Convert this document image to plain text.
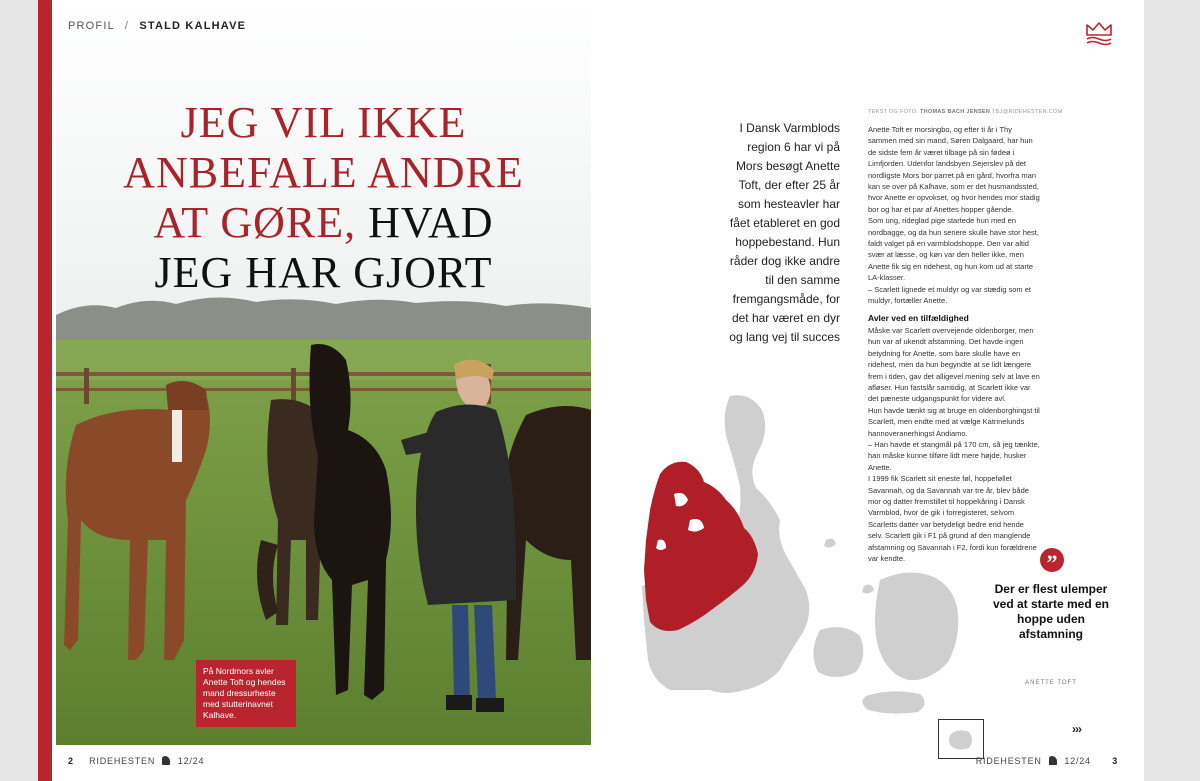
JEG VIL IKKE
ANBEFALE ANDRE
AT GØRE, HVAD
JEG HAR GJORT
PROFIL / STALD KALHAVE
På Nordmors avler Anette Toft og hendes mand dressurheste med stutterinavnet Kalhave.
I Dansk Varmblods region 6 har vi på Mors besøgt Anette Toft, der efter 25 år som hesteavler har fået etableret en god hoppebestand. Hun råder dog ikke andre til den samme fremgangsmåde, for det har været en dyr og lang vej til succes
TEKST OG FOTO: THOMAS BACH JENSEN TBJ@RIDEHESTEN.COM

Anette Toft er morsingbo, og efter ti år i Thy sammen med sin mand, Søren Dalgaard, har hun de sidste fem år været tilbage på sin fødeø i Limfjorden. Udenfor landsbyen Sejerslev på det nordligste Mors bor parret på en gård, hvorfra man kan se over på Kalhave, som er det husmandssted, hvor Anette er opvokset, og hvor hendes mor stadig bor og har et par af Anettes hopper gående.

Som ung, rideglad pige startede hun med en nordbagge, og da hun senere skulle have stor hest, faldt valget på en varmblodshoppe. Den var altid svær at læsse, og køn var den heller ikke, men Anette fik sig en ridehest, og hun kom ud at starte LA-klasser.

– Scarlett lignede et muldyr og var stædig som et muldyr, fortæller Anette.

Avler ved en tilfældighed

Måske var Scarlett overvejende oldenborger, men hun var af ukendt afstamning. Det havde ingen betydning for Anette, som bare skulle have en ridehest, men da hun begyndte at se lidt længere frem i tiden, gav det alligevel mening selv at lave en afløser. Hun fastslår samtidig, at Scarlett ikke var det pæneste udgangspunkt for videre avl.

Hun havde tænkt sig at bruge en oldenborghingst til Scarlett, men endte med at vælge Katrinelunds hannoveranerhingst Andiamo.

– Han havde et stangmål på 170 cm, så jeg tænkte, han måske kunne tilføre lidt mere højde, husker Anette.

I 1999 fik Scarlett sit eneste føl, hoppeføllet Savannah, og da Savannah var tre år, blev både mor og datter fremstillet til hoppekåring i Dansk Varmblod, hvor de gik i forregisteret, selvom Scarletts datter var betydeligt bedre end hende selv. Scarlett gik i F1 på grund af den manglende afstamning og Savannah i F2, fordi kun forældrene var kendte.	”
Der er flest ulemper ved at starte med en hoppe uden afstamning
ANETTE TOFT
›››
2 RIDEHESTEN	12/24	RIDEHESTEN	12/24 3
